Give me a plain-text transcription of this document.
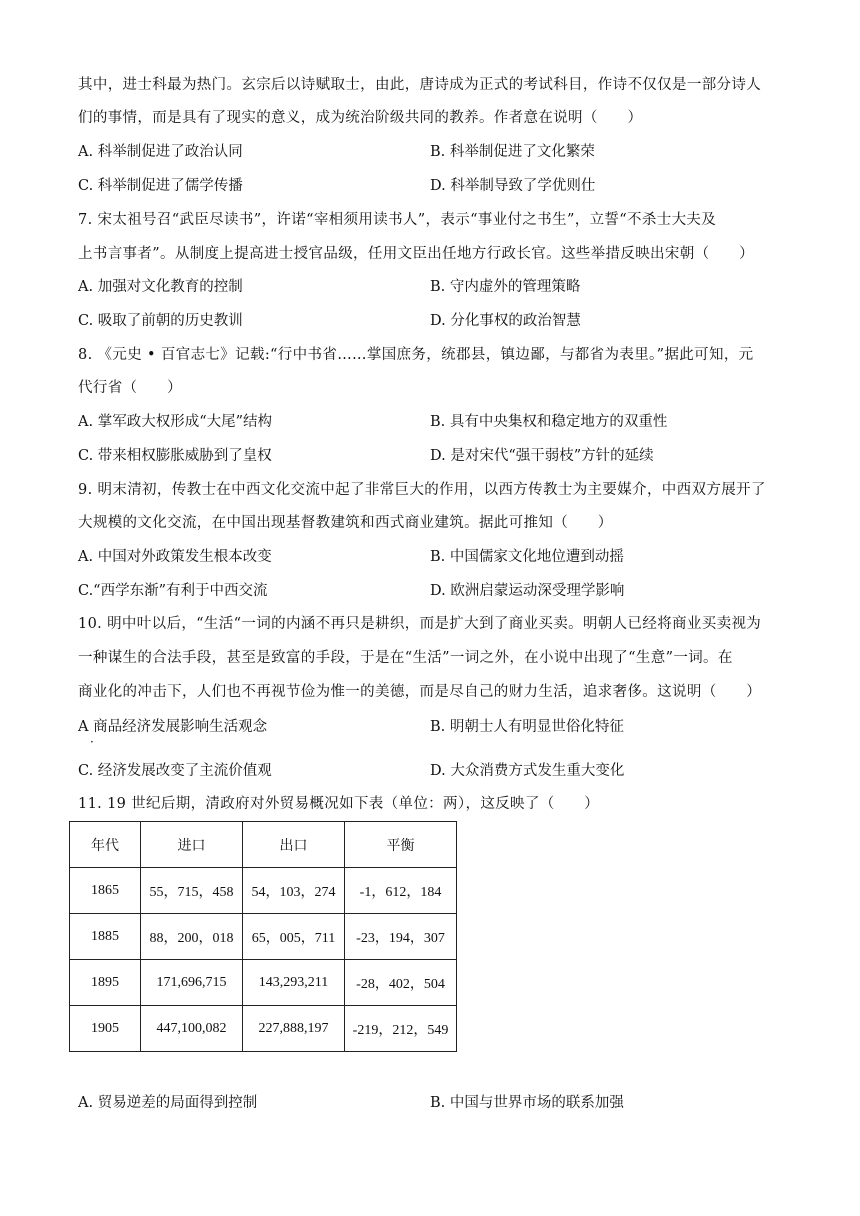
其中，进士科最为热门。玄宗后以诗赋取士，由此，唐诗成为正式的考试科目，作诗不仅仅是一部分诗人
们的事情，而是具有了现实的意义，成为统治阶级共同的教养。作者意在说明（　　）
A. 科举制促进了政治认同	B. 科举制促进了文化繁荣
C. 科举制促进了儒学传播	D. 科举制导致了学优则仕
7. 宋太祖号召“武臣尽读书”，许诺“宰相须用读书人”，表示“事业付之书生”，立誓“不杀士大夫及
上书言事者”。从制度上提高进士授官品级，任用文臣出任地方行政长官。这些举措反映出宋朝（　　）
A. 加强对文化教育的控制	B. 守内虚外的管理策略
C. 吸取了前朝的历史教训	D. 分化事权的政治智慧
8. 《元史 • 百官志七》记载:“行中书省……掌国庶务，统郡县，镇边鄙，与都省为表里。”据此可知，元
代行省（　　）
A. 掌军政大权形成“大尾”结构	B. 具有中央集权和稳定地方的双重性
C. 带来相权膨胀威胁到了皇权	D. 是对宋代“强干弱枝”方针的延续
9. 明末清初，传教士在中西文化交流中起了非常巨大的作用，以西方传教士为主要媒介，中西双方展开了
大规模的文化交流，在中国出现基督教建筑和西式商业建筑。据此可推知（　　）
A. 中国对外政策发生根本改变	B. 中国儒家文化地位遭到动摇
C.“西学东渐”有利于中西交流	D. 欧洲启蒙运动深受理学影响
10. 明中叶以后，“生活“一词的内涵不再只是耕织，而是扩大到了商业买卖。明朝人已经将商业买卖视为
一种谋生的合法手段，甚至是致富的手段，于是在“生活”一词之外，在小说中出现了“生意”一词。在
商业化的冲击下，人们也不再视节俭为惟一的美德，而是尽自己的财力生活，追求奢侈。这说明（　　）
A 商品经济发展影响生活观念
·
B. 明朝士人有明显世俗化特征
C. 经济发展改变了主流价值观	D. 大众消费方式发生重大变化
11. 19 世纪后期，清政府对外贸易概况如下表（单位：两），这反映了（　　）
年代	进口	出口	平衡
1865	55，715，458	54，103，274	-1，612，184
1885	88，200，018	65，005，711	-23，194，307
1895	171,696,715	143,293,211	-28，402，504
1905	447,100,082	227,888,197	-219，212，549
A. 贸易逆差的局面得到控制	B. 中国与世界市场的联系加强
